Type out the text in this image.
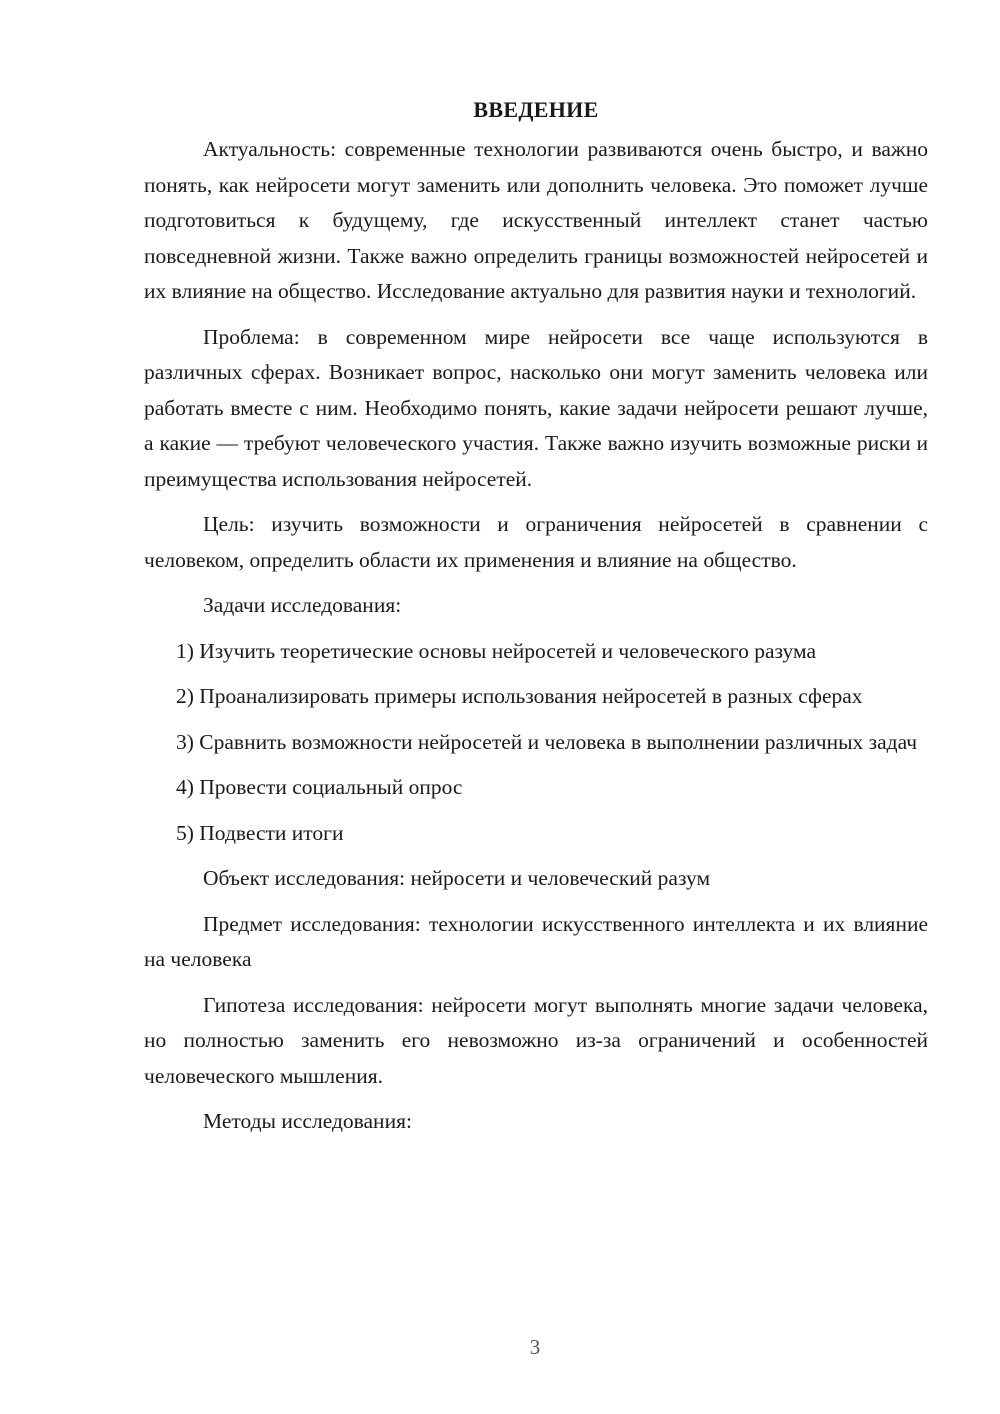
ВВЕДЕНИЕ

Актуальность: современные технологии развиваются очень быстро, и важно понять, как нейросети могут заменить или дополнить человека. Это поможет лучше подготовиться к будущему, где искусственный интеллект станет частью повседневной жизни. Также важно определить границы возможностей нейросетей и их влияние на общество. Исследование актуально для развития науки и технологий.

Проблема: в современном мире нейросети все чаще используются в различных сферах. Возникает вопрос, насколько они могут заменить человека или работать вместе с ним. Необходимо понять, какие задачи нейросети решают лучше, а какие — требуют человеческого участия. Также важно изучить возможные риски и преимущества использования нейросетей.

Цель: изучить возможности и ограничения нейросетей в сравнении с человеком, определить области их применения и влияние на общество.

Задачи исследования:

1) Изучить теоретические основы нейросетей и человеческого разума

2) Проанализировать примеры использования нейросетей в разных сферах

3) Сравнить возможности нейросетей и человека в выполнении различных задач

4) Провести социальный опрос

5) Подвести итоги

Объект исследования: нейросети и человеческий разум

Предмет исследования: технологии искусственного интеллекта и их влияние на человека

Гипотеза исследования: нейросети могут выполнять многие задачи человека, но полностью заменить его невозможно из-за ограничений и особенностей человеческого мышления.

Методы исследования:

3
